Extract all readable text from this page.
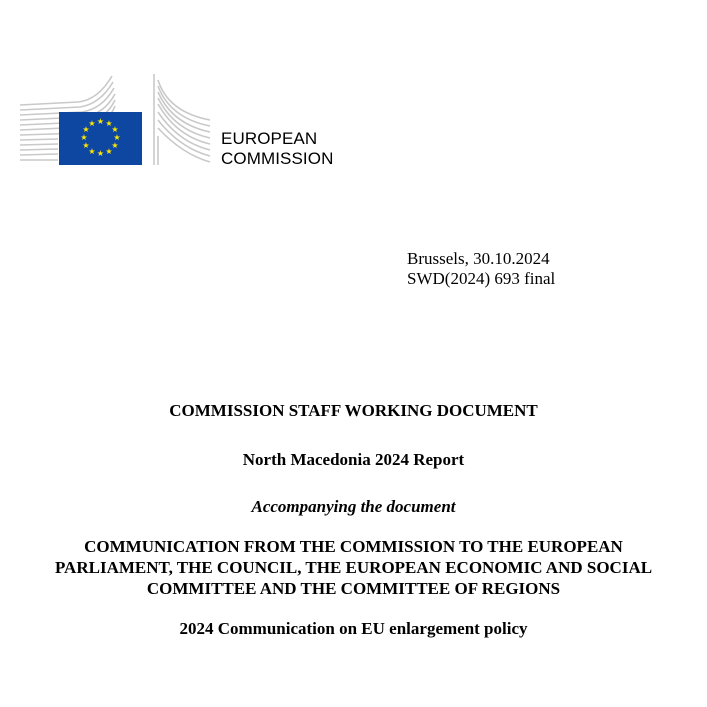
★ ★
★
★
★
★
★
★
★
★
★
★
EUROPEAN
COMMISSION
Brussels, 30.10.2024
SWD(2024) 693 final
COMMISSION STAFF WORKING DOCUMENT
North Macedonia 2024 Report
Accompanying the document
COMMUNICATION FROM THE COMMISSION TO THE EUROPEAN
PARLIAMENT, THE COUNCIL, THE EUROPEAN ECONOMIC AND SOCIAL
COMMITTEE AND THE COMMITTEE OF REGIONS
2024 Communication on EU enlargement policy
